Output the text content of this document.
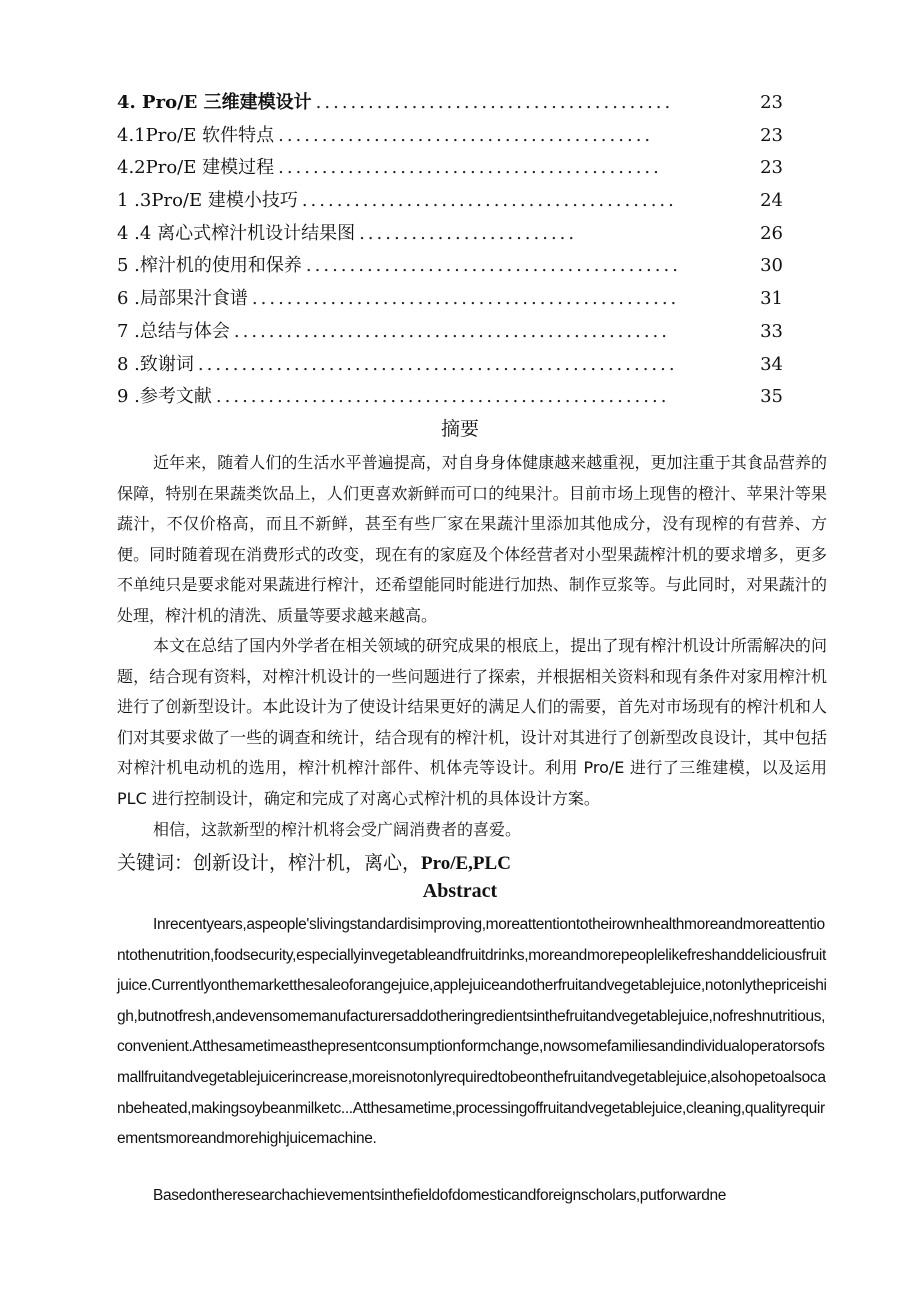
4. Pro/E 三维建模设计 .........................................	23
4.1Pro/E 软件特点 ...........................................	23
4.2Pro/E 建模过程 ............................................	23
1 .3Pro/E 建模小技巧 ...........................................	24
4 .4 离心式榨汁机设计结果图 .........................	26
5 .榨汁机的使用和保养 ...........................................	30
6 .局部果汁食谱 .................................................	31
7 .总结与体会 ..................................................	33
8 .致谢词 .......................................................	34
9 .参考文献 ....................................................	35
摘要

近年来，随着人们的生活水平普遍提高，对自身身体健康越来越重视，更加注重于其食品营养的保障，特别在果蔬类饮品上，人们更喜欢新鲜而可口的纯果汁。目前市场上现售的橙汁、苹果汁等果蔬汁，不仅价格高，而且不新鲜，甚至有些厂家在果蔬汁里添加其他成分，没有现榨的有营养、方便。同时随着现在消费形式的改变，现在有的家庭及个体经营者对小型果蔬榨汁机的要求增多，更多不单纯只是要求能对果蔬进行榨汁，还希望能同时能进行加热、制作豆浆等。与此同时，对果蔬汁的处理，榨汁机的清洗、质量等要求越来越高。

本文在总结了国内外学者在相关领域的研究成果的根底上，提出了现有榨汁机设计所需解决的问题，结合现有资料，对榨汁机设计的一些问题进行了探索，并根据相关资料和现有条件对家用榨汁机进行了创新型设计。本此设计为了使设计结果更好的满足人们的需要，首先对市场现有的榨汁机和人们对其要求做了一些的调查和统计，结合现有的榨汁机，设计对其进行了创新型改良设计，其中包括对榨汁机电动机的选用，榨汁机榨汁部件、机体壳等设计。利用 Pro/E 进行了三维建模，以及运用 PLC 进行控制设计，确定和完成了对离心式榨汁机的具体设计方案。

相信，这款新型的榨汁机将会受广阔消费者的喜爱。

关键词：创新设计，榨汁机，离心，Pro/E,PLC
Abstract

Inrecentyears,aspeople'slivingstandardisimproving,moreattentiontotheirownhealthmoreandmoreattentiontothenutrition,foodsecurity,especiallyinvegetableandfruitdrinks,moreandmorepeoplelikefreshanddeliciousfruitjuice.Currentlyonthemarketthesaleoforangejuice,applejuiceandotherfruitandvegetablejuice,notonlythepriceishigh,butnotfresh,andevensomemanufacturersaddotheringredientsinthefruitandvegetablejuice,nofreshnutritious,convenient.Atthesametimeasthepresentconsumptionformchange,nowsomefamiliesandindividualoperatorsofsmallfruitandvegetablejuicerincrease,moreisnotonlyrequiredtobeonthefruitandvegetablejuice,alsohopetoalsocanbeheated,makingsoybeanmilketc...Atthesametime,processingoffruitandvegetablejuice,cleaning,qualityrequirementsmoreandmorehighjuicemachine.

Basedontheresearchachievementsinthefieldofdomesticandforeignscholars,putforwardne
